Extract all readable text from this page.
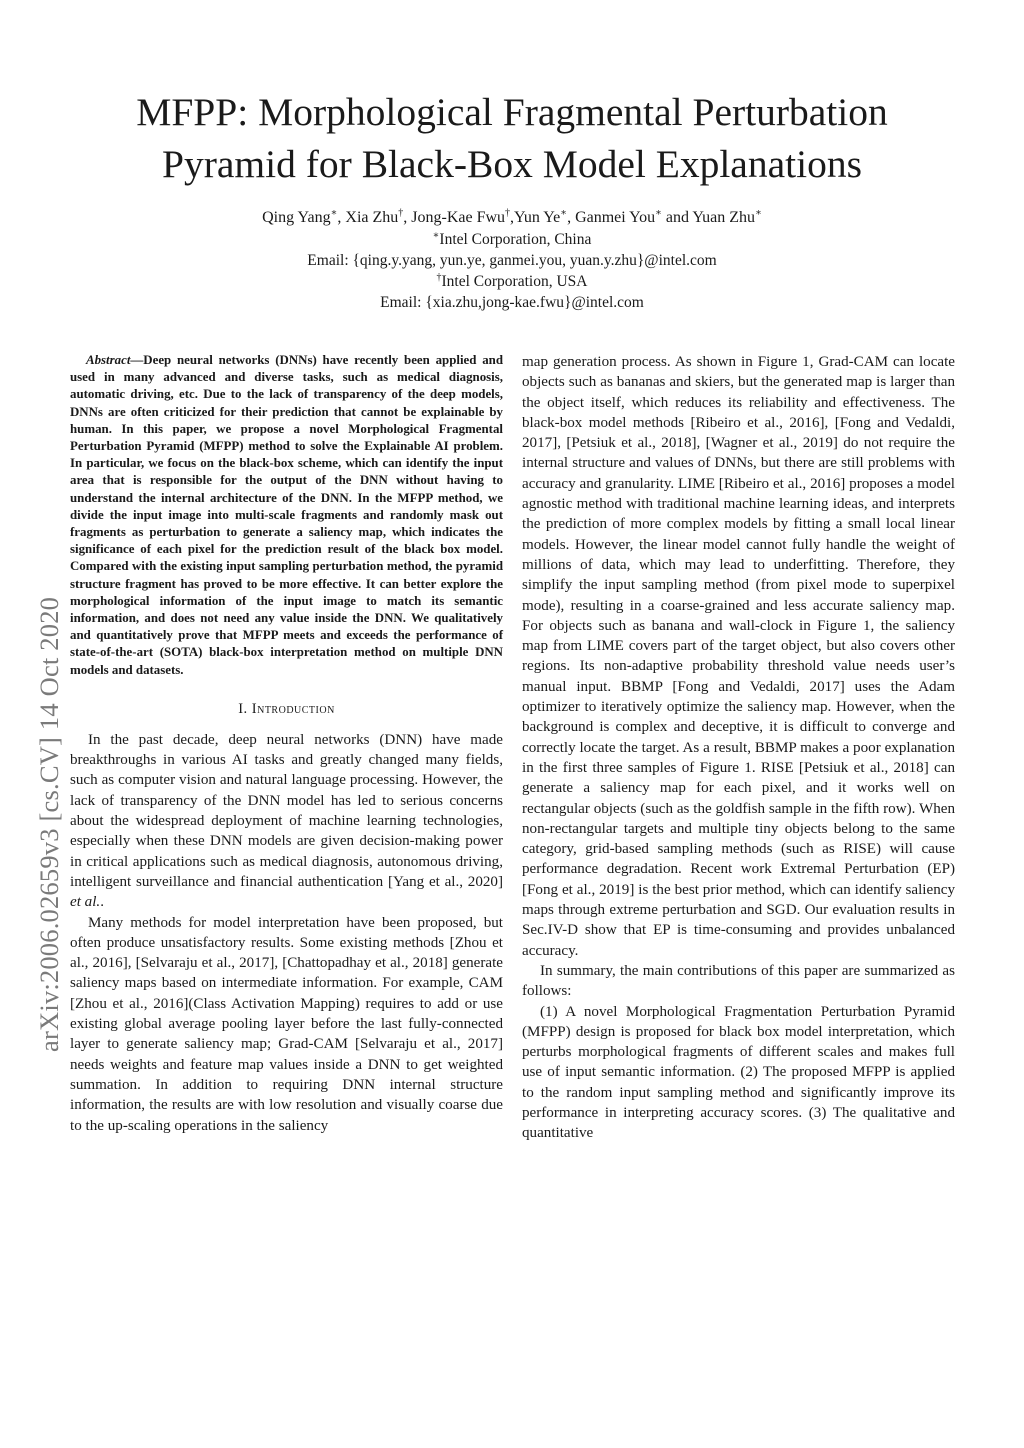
MFPP: Morphological Fragmental Perturbation
Pyramid for Black-Box Model Explanations
Qing Yang∗, Xia Zhu†, Jong-Kae Fwu†,Yun Ye∗, Ganmei You∗ and Yuan Zhu∗
∗Intel Corporation, China
Email: {qing.y.yang, yun.ye, ganmei.you, yuan.y.zhu}@intel.com
†Intel Corporation, USA
Email: {xia.zhu,jong-kae.fwu}@intel.com
arXiv:2006.02659v3 [cs.CV] 14 Oct 2020

Abstract—Deep neural networks (DNNs) have recently been applied and used in many advanced and diverse tasks, such as medical diagnosis, automatic driving, etc. Due to the lack of transparency of the deep models, DNNs are often criticized for their prediction that cannot be explainable by human. In this paper, we propose a novel Morphological Fragmental Perturbation Pyramid (MFPP) method to solve the Explainable AI problem. In particular, we focus on the black-box scheme, which can identify the input area that is responsible for the output of the DNN without having to understand the internal architecture of the DNN. In the MFPP method, we divide the input image into multi-scale fragments and randomly mask out fragments as perturbation to generate a saliency map, which indicates the significance of each pixel for the prediction result of the black box model. Compared with the existing input sampling perturbation method, the pyramid structure fragment has proved to be more effective. It can better explore the morphological information of the input image to match its semantic information, and does not need any value inside the DNN. We qualitatively and quantitatively prove that MFPP meets and exceeds the performance of state-of-the-art (SOTA) black-box interpretation method on multiple DNN models and datasets.

I. Introduction

In the past decade, deep neural networks (DNN) have made breakthroughs in various AI tasks and greatly changed many fields, such as computer vision and natural language processing. However, the lack of transparency of the DNN model has led to serious concerns about the widespread deployment of machine learning technologies, especially when these DNN models are given decision-making power in critical applications such as medical diagnosis, autonomous driving, intelligent surveillance and financial authentication [Yang et al., 2020] et al..

Many methods for model interpretation have been proposed, but often produce unsatisfactory results. Some existing methods [Zhou et al., 2016], [Selvaraju et al., 2017], [Chattopadhay et al., 2018] generate saliency maps based on intermediate information. For example, CAM [Zhou et al., 2016](Class Activation Mapping) requires to add or use existing global average pooling layer before the last fully-connected layer to generate saliency map; Grad-CAM [Selvaraju et al., 2017] needs weights and feature map values inside a DNN to get weighted summation. In addition to requiring DNN internal structure information, the results are with low resolution and visually coarse due to the up-scaling operations in the saliency

map generation process. As shown in Figure 1, Grad-CAM can locate objects such as bananas and skiers, but the generated map is larger than the object itself, which reduces its reliability and effectiveness. The black-box model methods [Ribeiro et al., 2016], [Fong and Vedaldi, 2017], [Petsiuk et al., 2018], [Wagner et al., 2019] do not require the internal structure and values of DNNs, but there are still problems with accuracy and granularity. LIME [Ribeiro et al., 2016] proposes a model agnostic method with traditional machine learning ideas, and interprets the prediction of more complex models by fitting a small local linear models. However, the linear model cannot fully handle the weight of millions of data, which may lead to underfitting. Therefore, they simplify the input sampling method (from pixel mode to superpixel mode), resulting in a coarse-grained and less accurate saliency map. For objects such as banana and wall-clock in Figure 1, the saliency map from LIME covers part of the target object, but also covers other regions. Its non-adaptive probability threshold value needs user’s manual input. BBMP [Fong and Vedaldi, 2017] uses the Adam optimizer to iteratively optimize the saliency map. However, when the background is complex and deceptive, it is difficult to converge and correctly locate the target. As a result, BBMP makes a poor explanation in the first three samples of Figure 1. RISE [Petsiuk et al., 2018] can generate a saliency map for each pixel, and it works well on rectangular objects (such as the goldfish sample in the fifth row). When non-rectangular targets and multiple tiny objects belong to the same category, grid-based sampling methods (such as RISE) will cause performance degradation. Recent work Extremal Perturbation (EP) [Fong et al., 2019] is the best prior method, which can identify saliency maps through extreme perturbation and SGD. Our evaluation results in Sec.IV-D show that EP is time-consuming and provides unbalanced accuracy.

In summary, the main contributions of this paper are summarized as follows:

(1) A novel Morphological Fragmentation Perturbation Pyramid (MFPP) design is proposed for black box model interpretation, which perturbs morphological fragments of different scales and makes full use of input semantic information. (2) The proposed MFPP is applied to the random input sampling method and significantly improve its performance in interpreting accuracy scores. (3) The qualitative and quantitative
